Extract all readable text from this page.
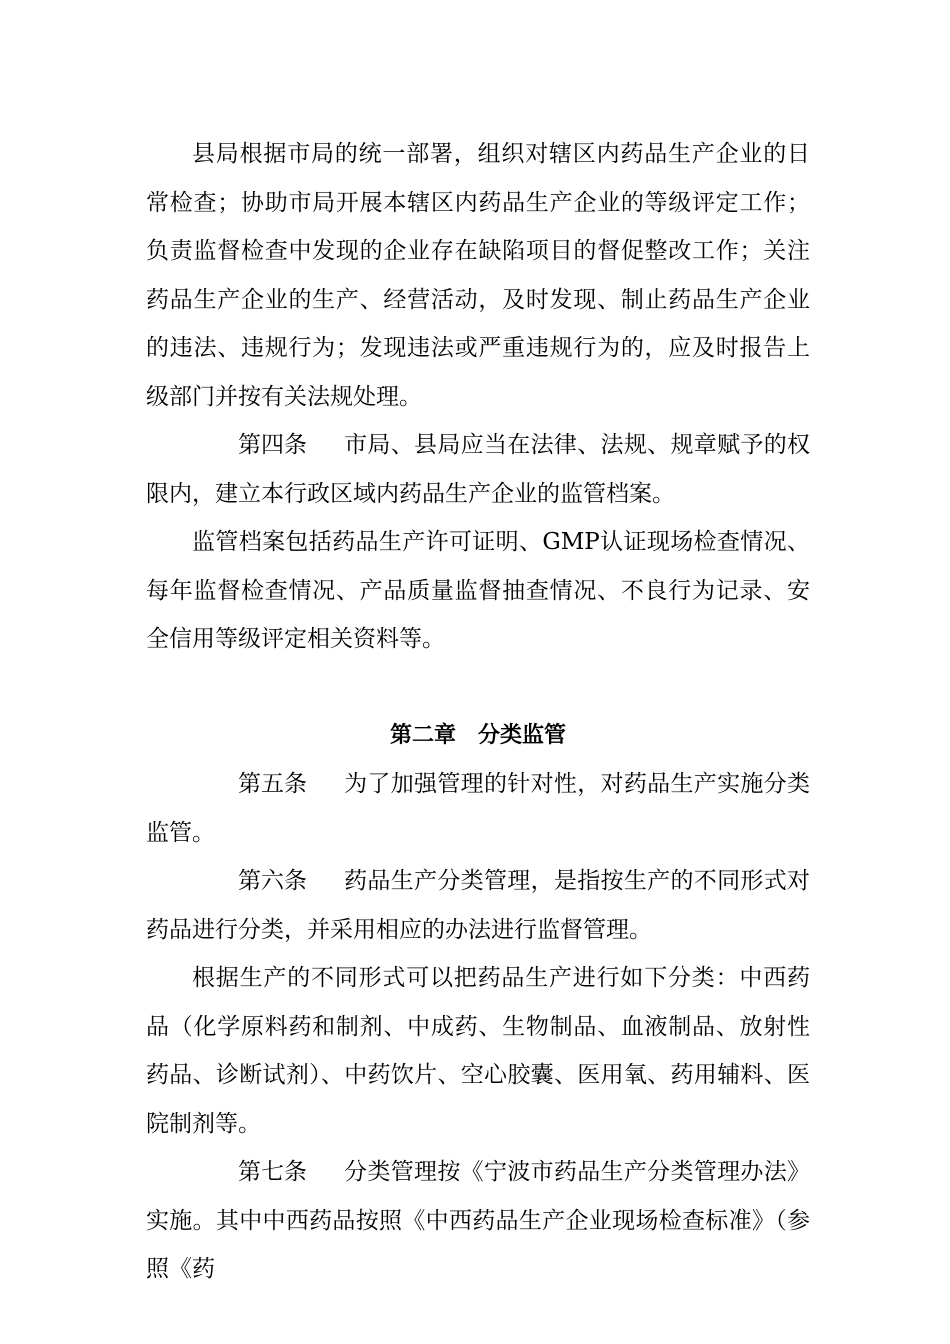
县局根据市局的统一部署，组织对辖区内药品生产企业的日常检查；协助市局开展本辖区内药品生产企业的等级评定工作；负责监督检查中发现的企业存在缺陷项目的督促整改工作；关注药品生产企业的生产、经营活动，及时发现、制止药品生产企业的违法、违规行为；发现违法或严重违规行为的，应及时报告上级部门并按有关法规处理。

第四条 市局、县局应当在法律、法规、规章赋予的权限内，建立本行政区域内药品生产企业的监管档案。

监管档案包括药品生产许可证明、GMP认证现场检查情况、每年监督检查情况、产品质量监督抽查情况、不良行为记录、安全信用等级评定相关资料等。

第二章 分类监管

第五条 为了加强管理的针对性，对药品生产实施分类监管。

第六条 药品生产分类管理，是指按生产的不同形式对药品进行分类，并采用相应的办法进行监督管理。

根据生产的不同形式可以把药品生产进行如下分类：中西药品（化学原料药和制剂、中成药、生物制品、血液制品、放射性药品、诊断试剂）、中药饮片、空心胶囊、医用氧、药用辅料、医院制剂等。

第七条 分类管理按《宁波市药品生产分类管理办法》实施。其中中西药品按照《中西药品生产企业现场检查标准》（参照《药
